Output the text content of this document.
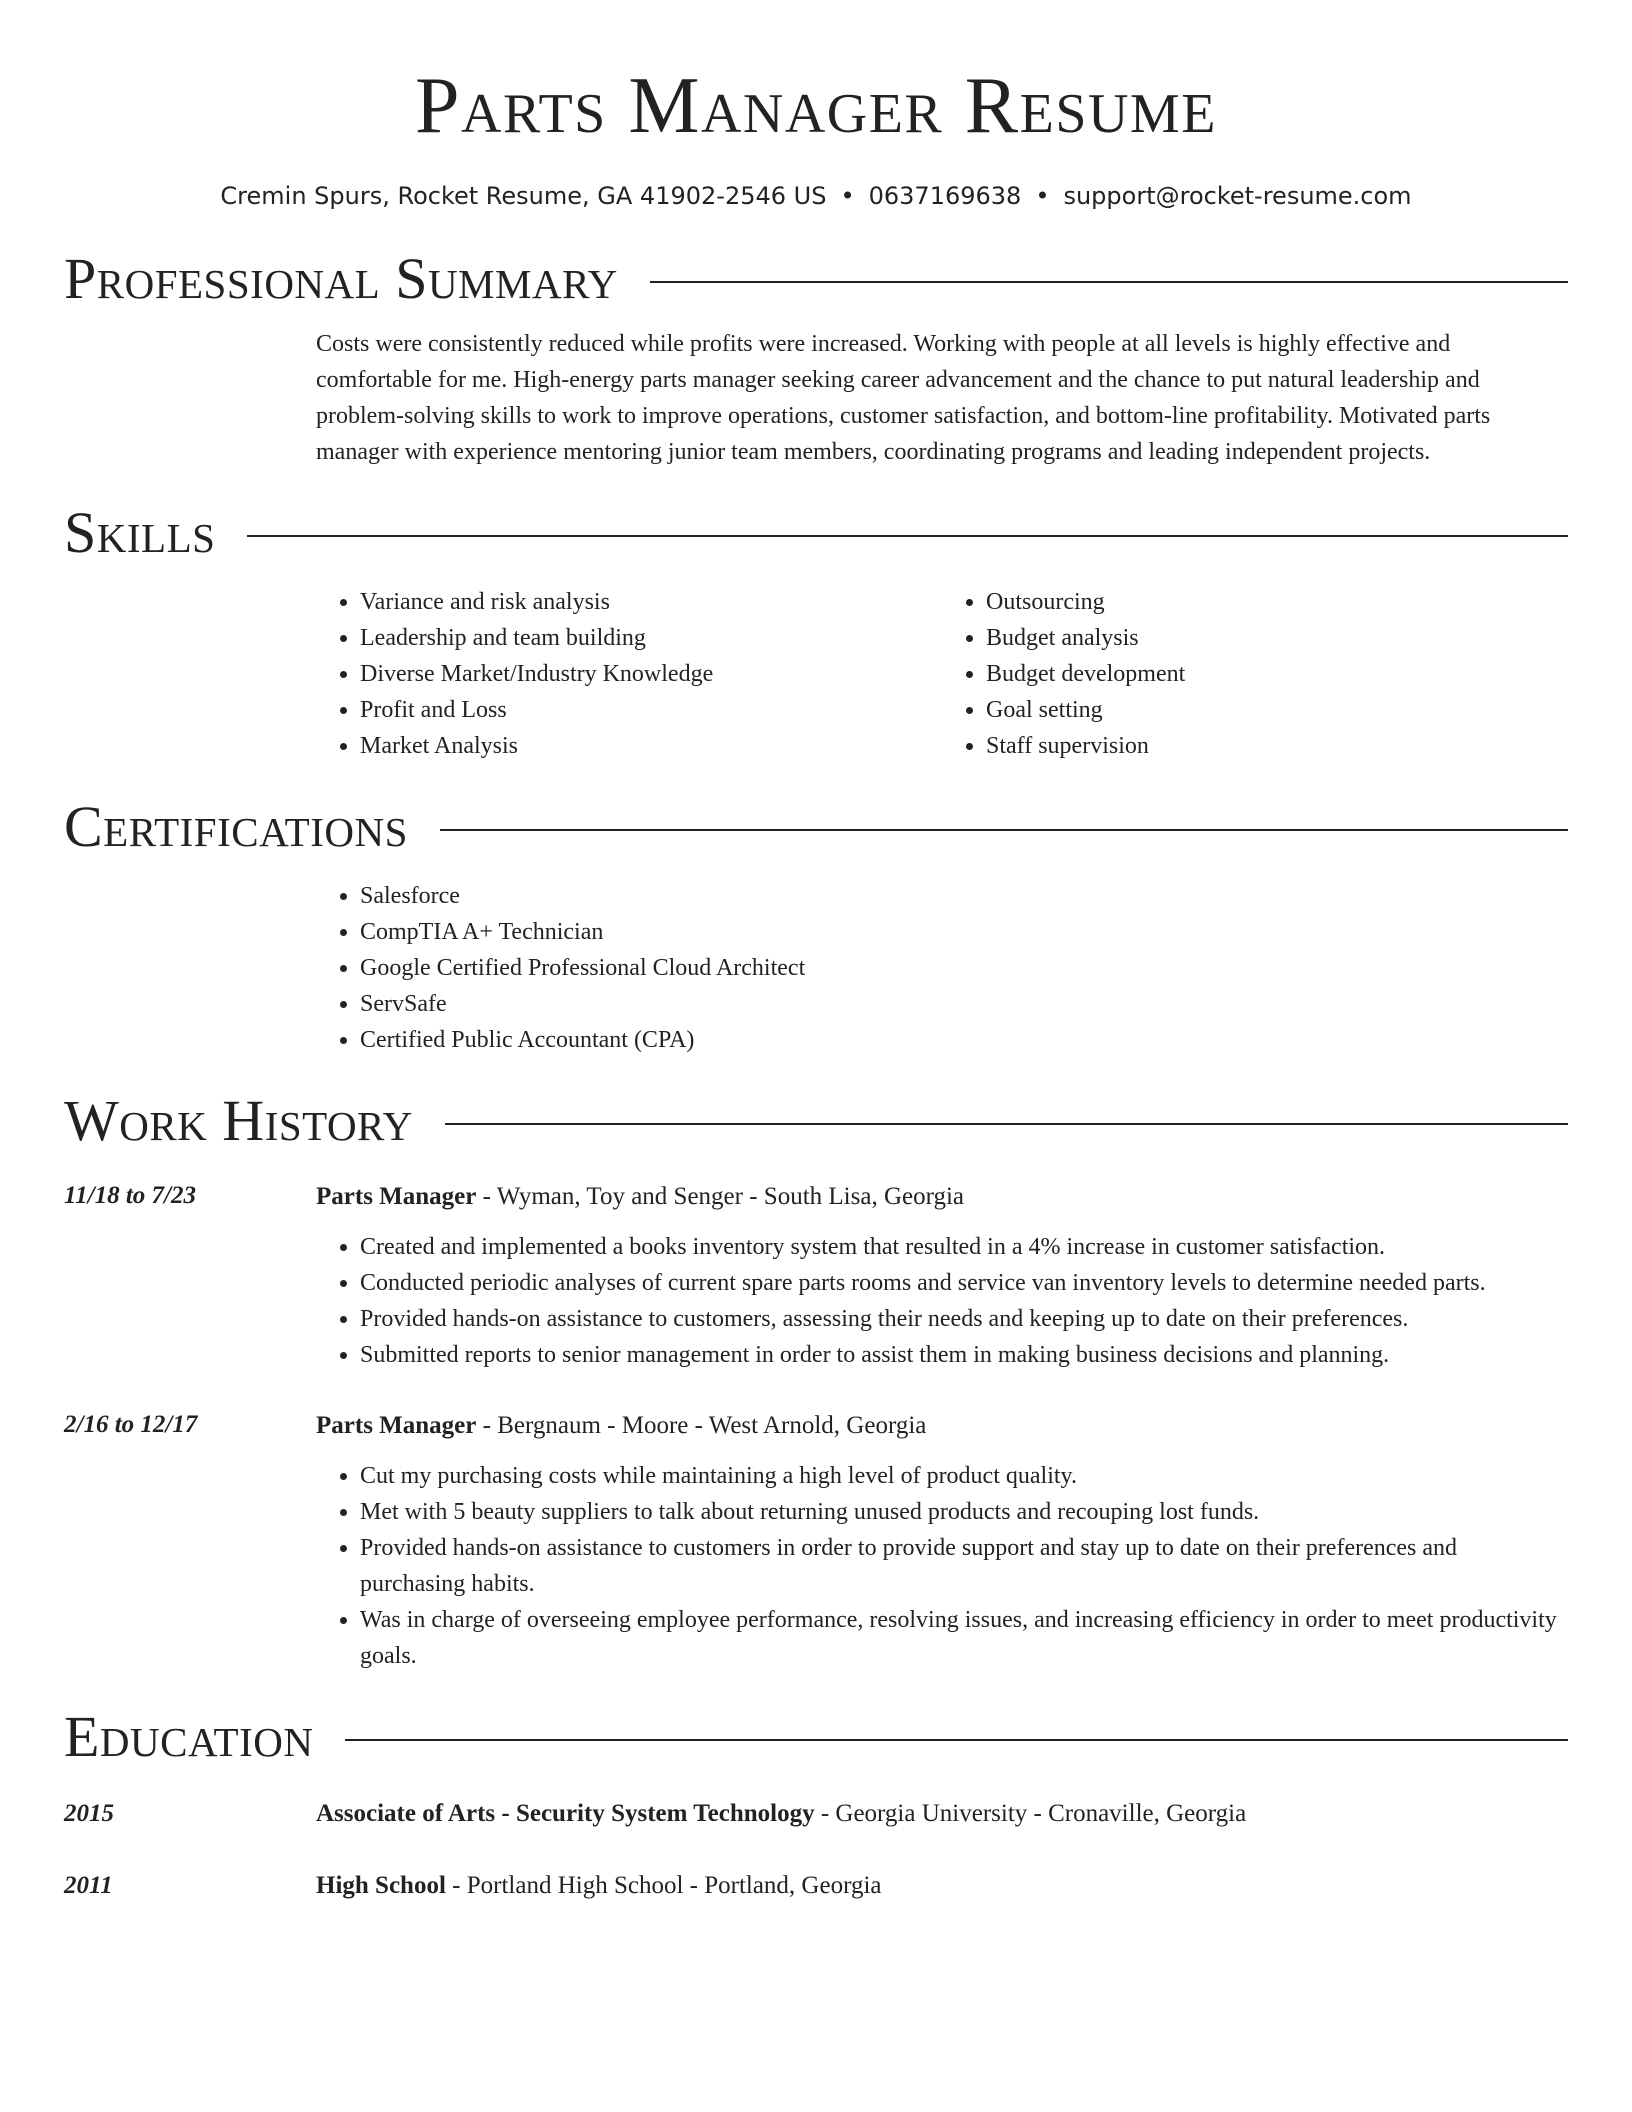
Parts Manager Resume
Cremin Spurs, Rocket Resume, GA 41902-2546 US • 0637169638 • support@rocket-resume.com
Professional Summary
Costs were consistently reduced while profits were increased. Working with people at all levels is highly effective and comfortable for me. High-energy parts manager seeking career advancement and the chance to put natural leadership and problem-solving skills to work to improve operations, customer satisfaction, and bottom-line profitability. Motivated parts manager with experience mentoring junior team members, coordinating programs and leading independent projects.
Skills
• Variance and risk analysis
• Leadership and team building
• Diverse Market/Industry Knowledge
• Profit and Loss
• Market Analysis
• Outsourcing
• Budget analysis
• Budget development
• Goal setting
• Staff supervision
Certifications
• Salesforce
• CompTIA A+ Technician
• Google Certified Professional Cloud Architect
• ServSafe
• Certified Public Accountant (CPA)
Work History
11/18 to 7/23	Parts Manager - Wyman, Toy and Senger - South Lisa, Georgia
• Created and implemented a books inventory system that resulted in a 4% increase in customer satisfaction.
• Conducted periodic analyses of current spare parts rooms and service van inventory levels to determine needed parts.
• Provided hands-on assistance to customers, assessing their needs and keeping up to date on their preferences.
• Submitted reports to senior management in order to assist them in making business decisions and planning.
2/16 to 12/17	Parts Manager - Bergnaum - Moore - West Arnold, Georgia
• Cut my purchasing costs while maintaining a high level of product quality.
• Met with 5 beauty suppliers to talk about returning unused products and recouping lost funds.
• Provided hands-on assistance to customers in order to provide support and stay up to date on their preferences and purchasing habits.
• Was in charge of overseeing employee performance, resolving issues, and increasing efficiency in order to meet productivity goals.
Education
2015	Associate of Arts - Security System Technology - Georgia University - Cronaville, Georgia
2011	High School - Portland High School - Portland, Georgia
